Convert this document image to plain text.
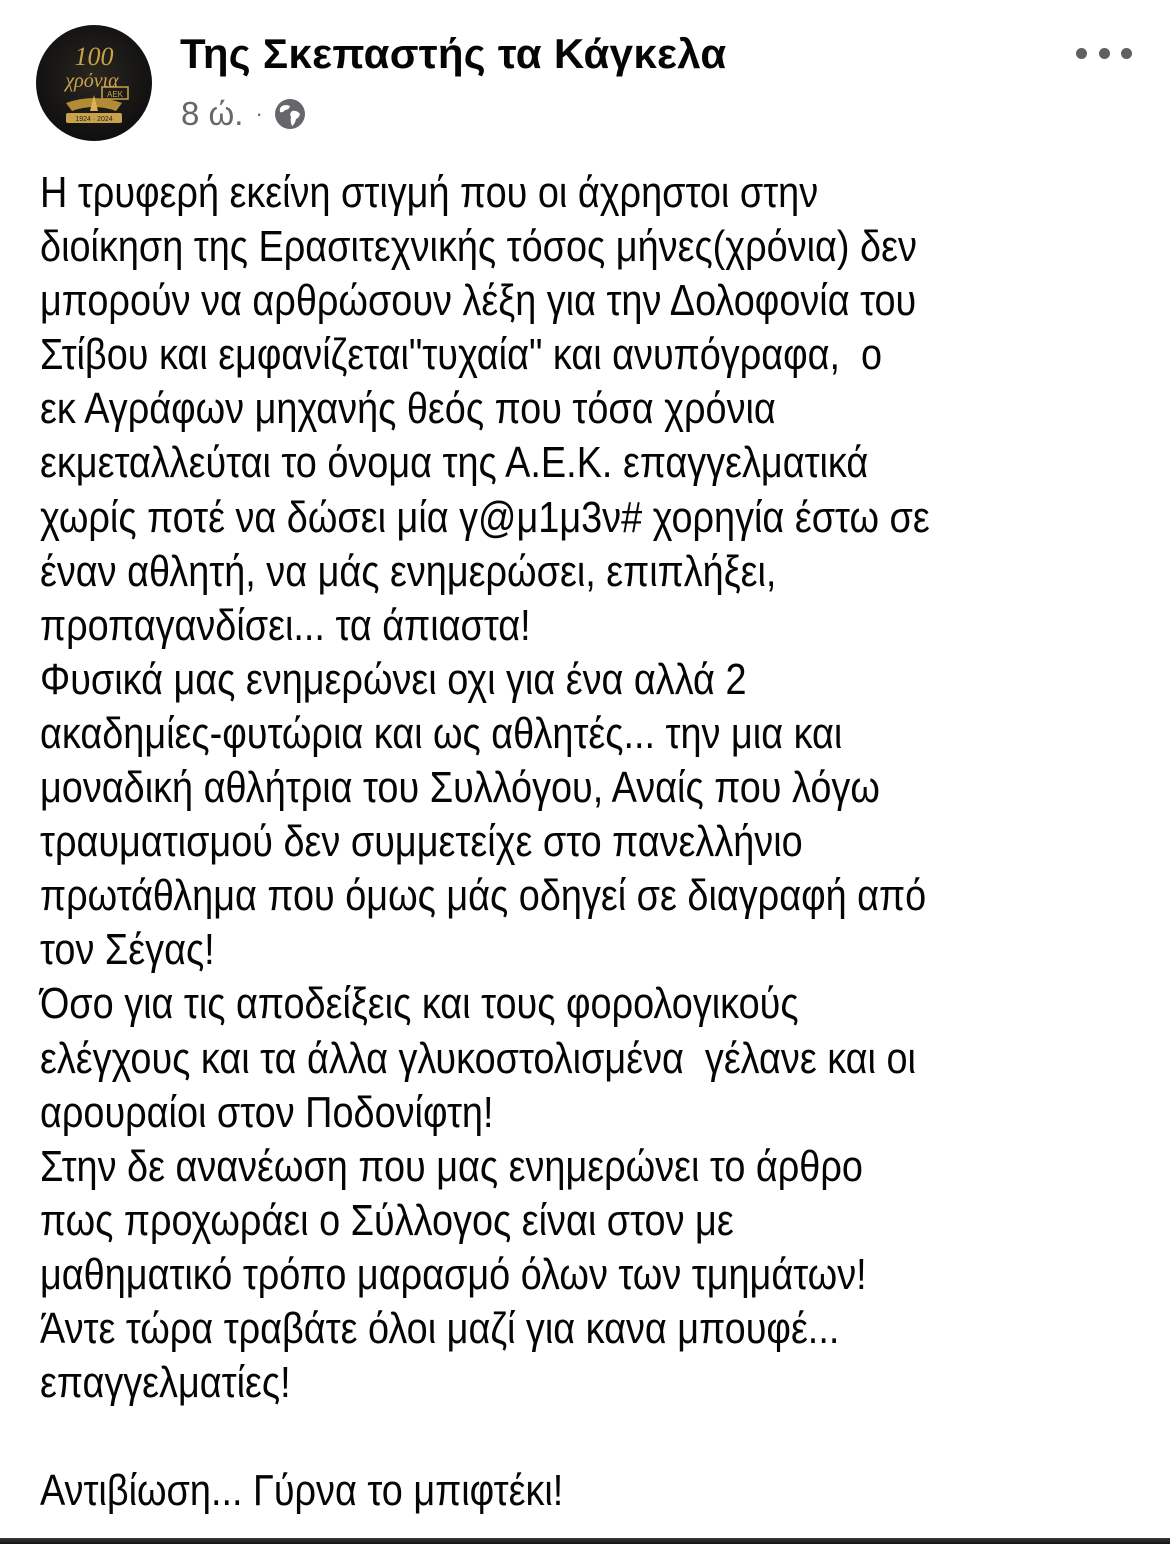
100
χρόνια
ΑΕΚ
1924 · 2024
Της Σκεπαστής τα Κάγκελα
8 ώ. ·
Η τρυφερή εκείνη στιγμή που οι άχρηστοι στην
διοίκηση της Ερασιτεχνικής τόσος μήνες(χρόνια) δεν
μπορούν να αρθρώσουν λέξη για την Δολοφονία του
Στίβου και εμφανίζεται"τυχαία" και ανυπόγραφα,  ο
εκ Αγράφων μηχανής θεός που τόσα χρόνια
εκμεταλλεύται το όνομα της Α.Ε.Κ. επαγγελματικά
χωρίς ποτέ να δώσει μία γ@μ1μ3ν# χορηγία έστω σε
έναν αθλητή, να μάς ενημερώσει, επιπλήξει,
προπαγανδίσει... τα άπιαστα!
Φυσικά μας ενημερώνει οχι για ένα αλλά 2
ακαδημίες-φυτώρια και ως αθλητές... την μια και
μοναδική αθλήτρια του Συλλόγου, Αναίς που λόγω
τραυματισμού δεν συμμετείχε στο πανελλήνιο
πρωτάθλημα που όμως μάς οδηγεί σε διαγραφή από
τον Σέγας!
Όσο για τις αποδείξεις και τους φορολογικούς
ελέγχους και τα άλλα γλυκοστολισμένα  γέλανε και οι
αρουραίοι στον Ποδονίφτη!
Στην δε ανανέωση που μας ενημερώνει το άρθρο
πως προχωράει ο Σύλλογος είναι στον με
μαθηματικό τρόπο μαρασμό όλων των τμημάτων!
Άντε τώρα τραβάτε όλοι μαζί για κανα μπουφέ...
επαγγελματίες!
Αντιβίωση... Γύρνα το μπιφτέκι!
